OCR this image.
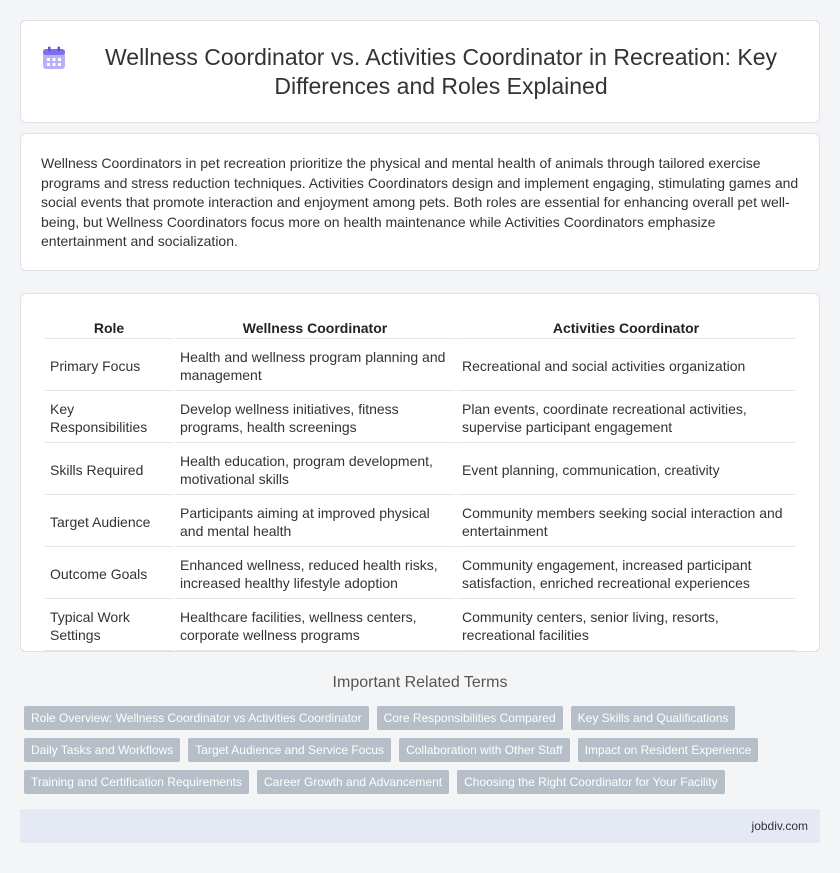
Wellness Coordinator vs. Activities Coordinator in Recreation: Key Differences and Roles Explained

Wellness Coordinators in pet recreation prioritize the physical and mental health of animals through tailored exercise programs and stress reduction techniques. Activities Coordinators design and implement engaging, stimulating games and social events that promote interaction and enjoyment among pets. Both roles are essential for enhancing overall pet well-being, but Wellness Coordinators focus more on health maintenance while Activities Coordinators emphasize entertainment and socialization.

Role	Wellness Coordinator	Activities Coordinator
Primary Focus	Health and wellness program planning and management	Recreational and social activities organization
Key Responsibilities	Develop wellness initiatives, fitness programs, health screenings	Plan events, coordinate recreational activities, supervise participant engagement
Skills Required	Health education, program development, motivational skills	Event planning, communication, creativity
Target Audience	Participants aiming at improved physical and mental health	Community members seeking social interaction and entertainment
Outcome Goals	Enhanced wellness, reduced health risks, increased healthy lifestyle adoption	Community engagement, increased participant satisfaction, enriched recreational experiences
Typical Work Settings	Healthcare facilities, wellness centers, corporate wellness programs	Community centers, senior living, resorts, recreational facilities
Important Related Terms
Role Overview: Wellness Coordinator vs Activities Coordinator	Core Responsibilities Compared	Key Skills and Qualifications
Daily Tasks and Workflows	Target Audience and Service Focus	Collaboration with Other Staff	Impact on Resident Experience
Training and Certification Requirements	Career Growth and Advancement	Choosing the Right Coordinator for Your Facility
jobdiv.com
